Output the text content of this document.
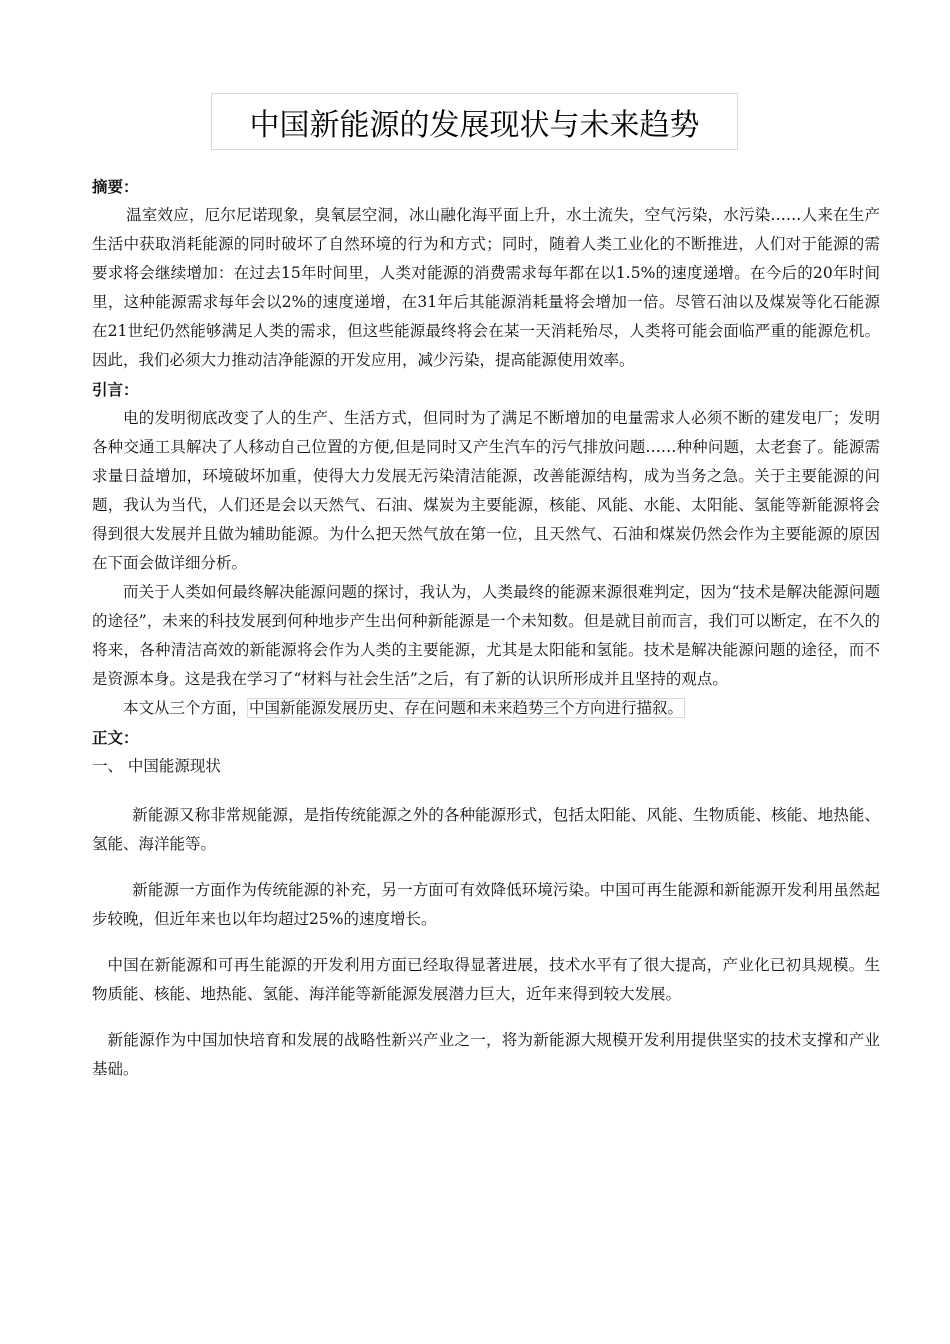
中国新能源的发展现状与未来趋势

摘要：

温室效应，厄尔尼诺现象，臭氧层空洞，冰山融化海平面上升，水土流失，空气污染，水污染……人来在生产生活中获取消耗能源的同时破坏了自然环境的行为和方式；同时，随着人类工业化的不断推进，人们对于能源的需要求将会继续增加：在过去15年时间里，人类对能源的消费需求每年都在以1.5%的速度递增。在今后的20年时间里，这种能源需求每年会以2%的速度递增，在31年后其能源消耗量将会增加一倍。尽管石油以及煤炭等化石能源在21世纪仍然能够满足人类的需求，但这些能源最终将会在某一天消耗殆尽，人类将可能会面临严重的能源危机。因此，我们必须大力推动洁净能源的开发应用，减少污染，提高能源使用效率。

引言：

电的发明彻底改变了人的生产、生活方式，但同时为了满足不断增加的电量需求人必须不断的建发电厂；发明各种交通工具解决了人移动自己位置的方便,但是同时又产生汽车的污气排放问题……种种问题，太老套了。能源需求量日益增加，环境破坏加重，使得大力发展无污染清洁能源，改善能源结构，成为当务之急。关于主要能源的问题，我认为当代，人们还是会以天然气、石油、煤炭为主要能源，核能、风能、水能、太阳能、氢能等新能源将会得到很大发展并且做为辅助能源。为什么把天然气放在第一位，且天然气、石油和煤炭仍然会作为主要能源的原因在下面会做详细分析。

而关于人类如何最终解决能源问题的探讨，我认为，人类最终的能源来源很难判定，因为“技术是解决能源问题的途径”，未来的科技发展到何种地步产生出何种新能源是一个未知数。但是就目前而言，我们可以断定，在不久的将来，各种清洁高效的新能源将会作为人类的主要能源，尤其是太阳能和氢能。技术是解决能源问题的途径，而不是资源本身。这是我在学习了“材料与社会生活”之后，有了新的认识所形成并且坚持的观点。

本文从三个方面， 中国新能源发展历史、存在问题和未来趋势三个方向进行描叙。

正文：

一、 中国能源现状

新能源又称非常规能源，是指传统能源之外的各种能源形式，包括太阳能、风能、生物质能、核能、地热能、氢能、海洋能等。

新能源一方面作为传统能源的补充，另一方面可有效降低环境污染。中国可再生能源和新能源开发利用虽然起步较晚，但近年来也以年均超过25%的速度增长。

中国在新能源和可再生能源的开发利用方面已经取得显著进展，技术水平有了很大提高，产业化已初具规模。生物质能、核能、地热能、氢能、海洋能等新能源发展潜力巨大，近年来得到较大发展。

新能源作为中国加快培育和发展的战略性新兴产业之一，将为新能源大规模开发利用提供坚实的技术支撑和产业基础。
